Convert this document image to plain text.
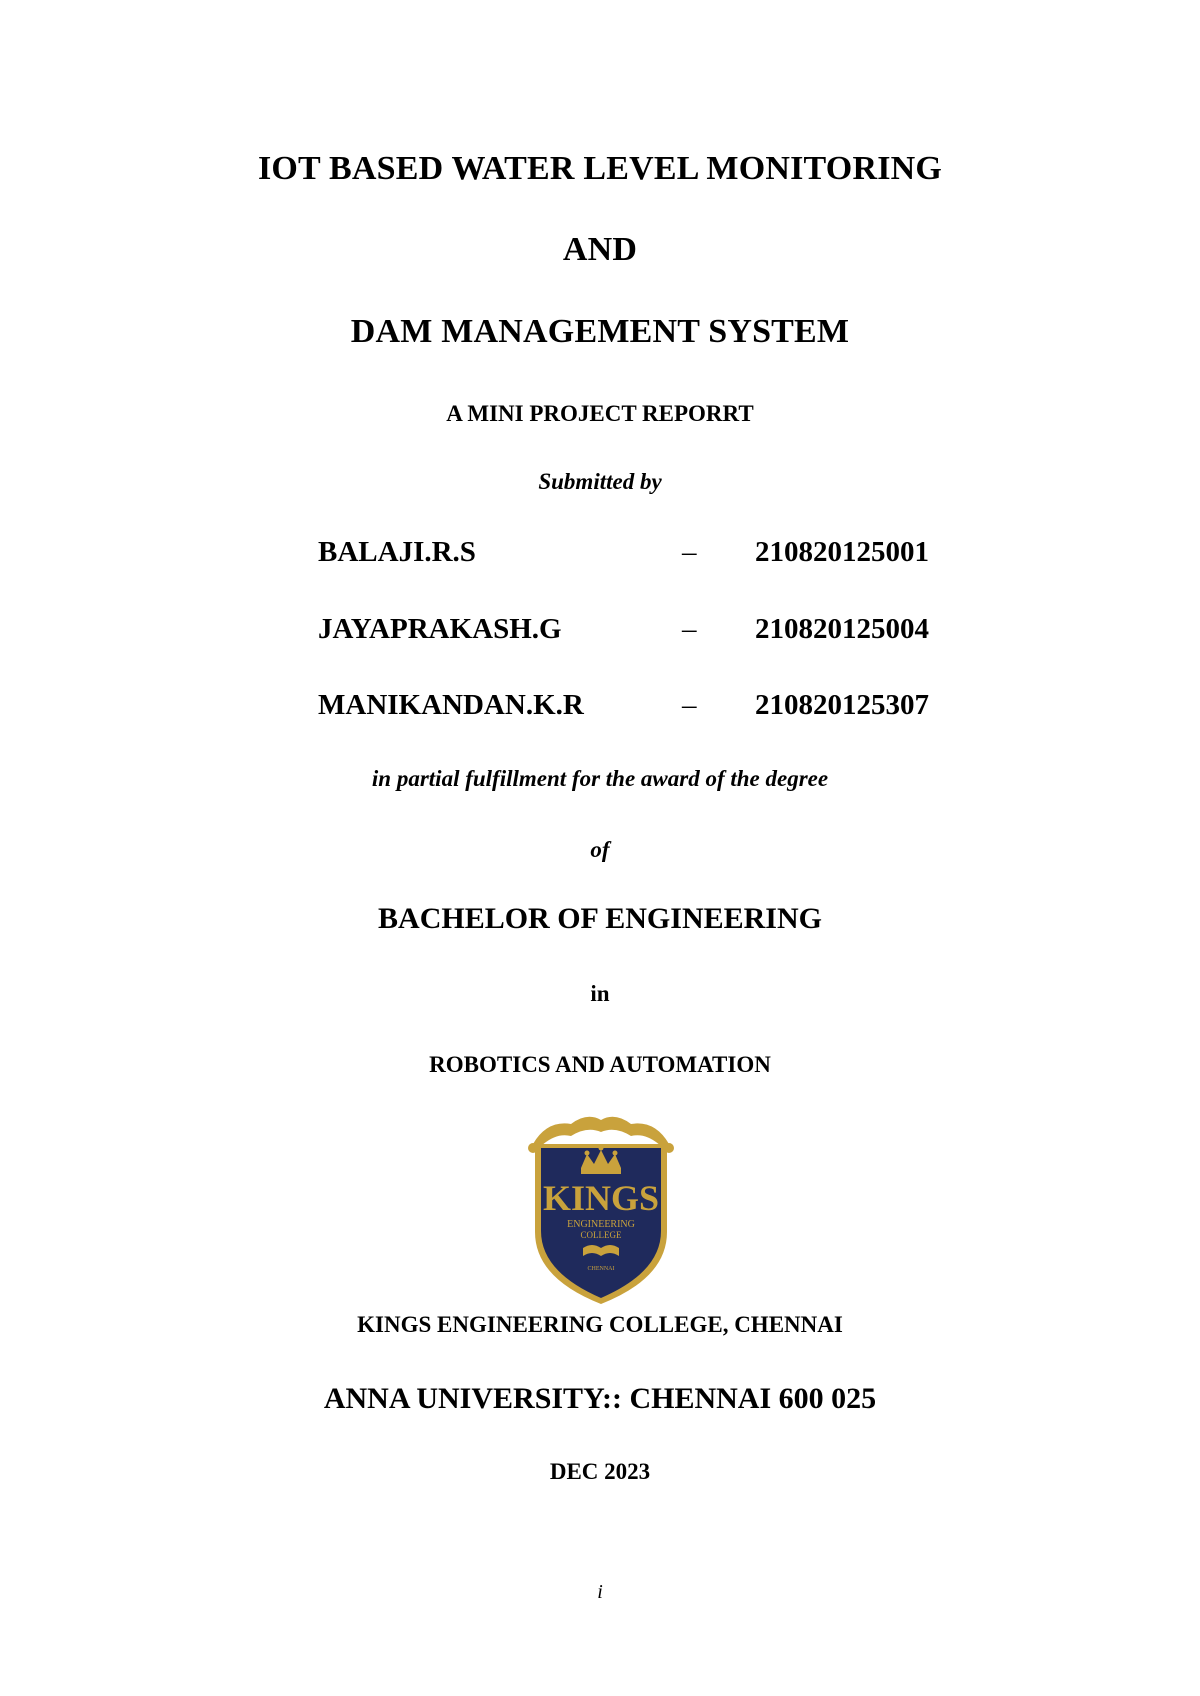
IOT BASED WATER LEVEL MONITORING
AND
DAM MANAGEMENT SYSTEM
A MINI PROJECT REPORRT
Submitted by
BALAJI.R.S	– 210820125001
JAYAPRAKASH.G	– 210820125004
MANIKANDAN.K.R	– 210820125307
in partial fulfillment for the award of the degree
of
BACHELOR OF ENGINEERING
in
ROBOTICS AND AUTOMATION
KINGS
ENGINEERING
COLLEGE
CHENNAI
KINGS ENGINEERING COLLEGE, CHENNAI
ANNA UNIVERSITY:: CHENNAI 600 025
DEC 2023
i
